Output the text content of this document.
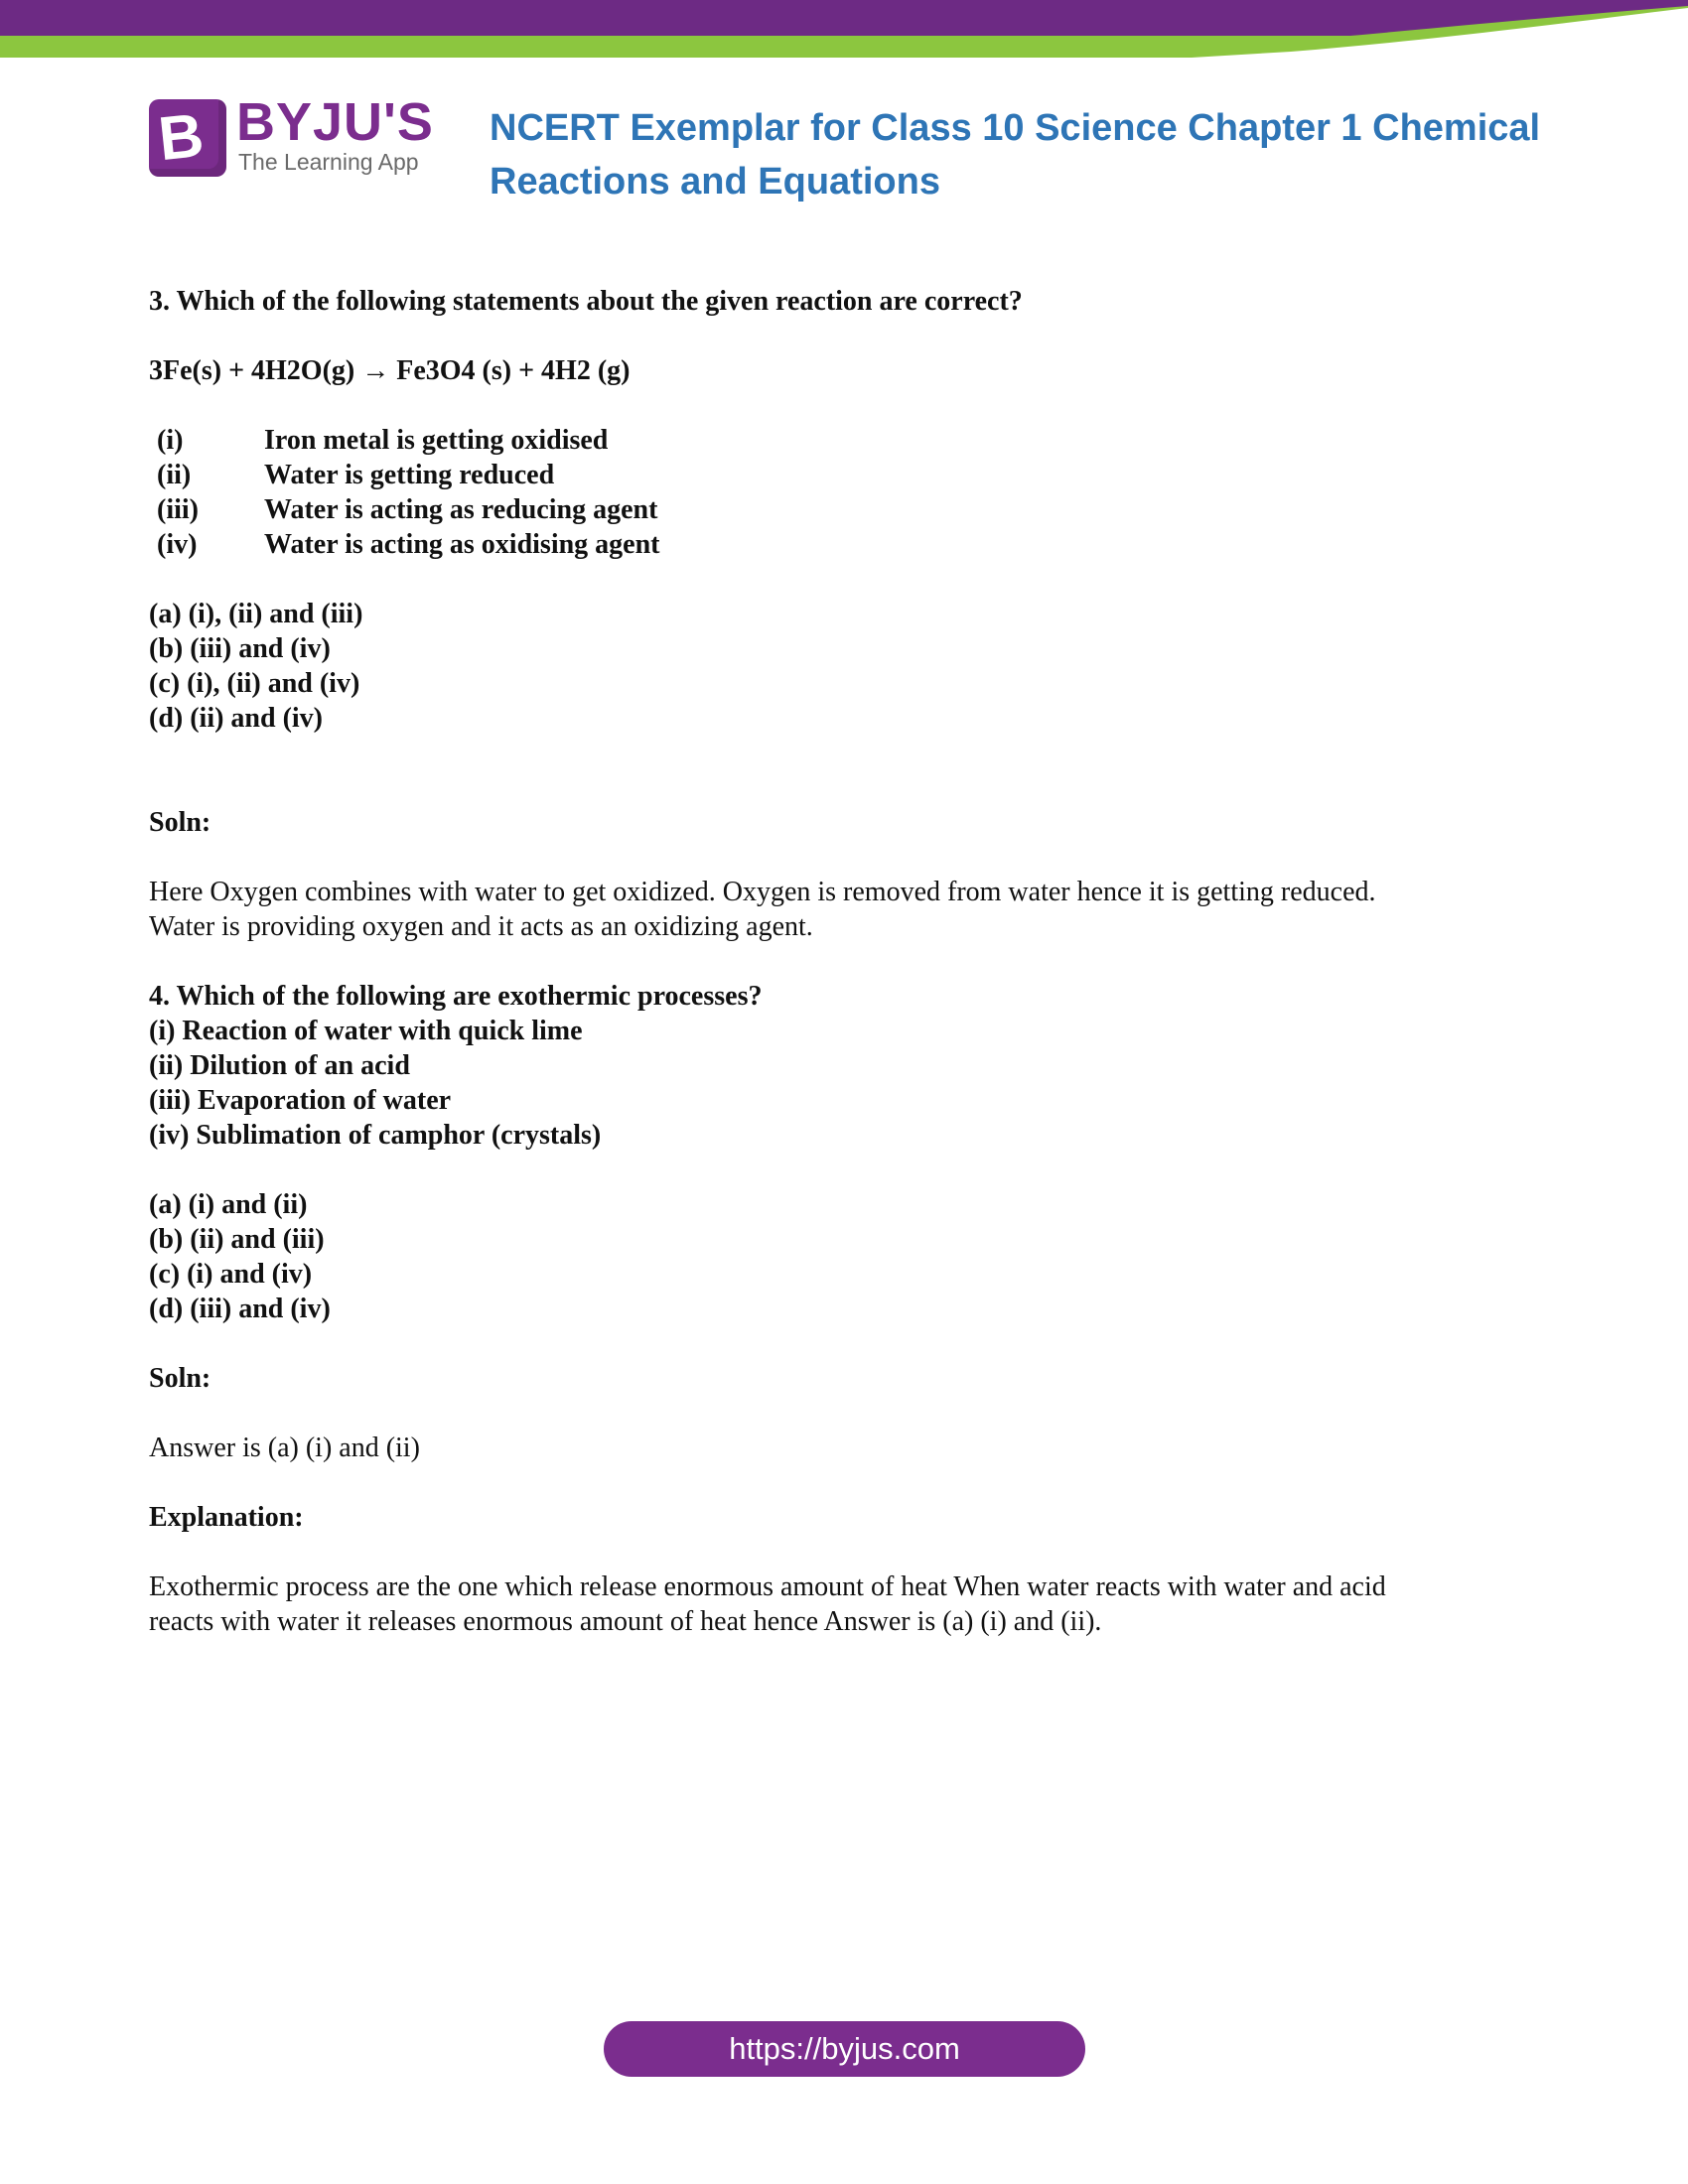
B BYJU'S
The Learning App
NCERT Exemplar for Class 10 Science Chapter 1 Chemical Reactions and Equations

3. Which of the following statements about the given reaction are correct?

3Fe(s) + 4H2O(g) → Fe3O4 (s) + 4H2 (g)

(i)	Iron metal is getting oxidised
(ii)	Water is getting reduced
(iii)	Water is acting as reducing agent
(iv)	Water is acting as oxidising agent

(a) (i), (ii) and (iii)

(b) (iii) and (iv)

(c) (i), (ii) and (iv)

(d) (ii) and (iv)

Soln:

Here Oxygen combines with water to get oxidized. Oxygen is removed from water hence it is getting reduced.

Water is providing oxygen and it acts as an oxidizing agent.

4. Which of the following are exothermic processes?

(i) Reaction of water with quick lime

(ii) Dilution of an acid

(iii) Evaporation of water

(iv) Sublimation of camphor (crystals)

(a) (i) and (ii)

(b) (ii) and (iii)

(c) (i) and (iv)

(d) (iii) and (iv)

Soln:

Answer is (a) (i) and (ii)

Explanation:

Exothermic process are the one which release enormous amount of heat When water reacts with water and acid

reacts with water it releases enormous amount of heat hence Answer is (a) (i) and (ii).

https://byjus.com
